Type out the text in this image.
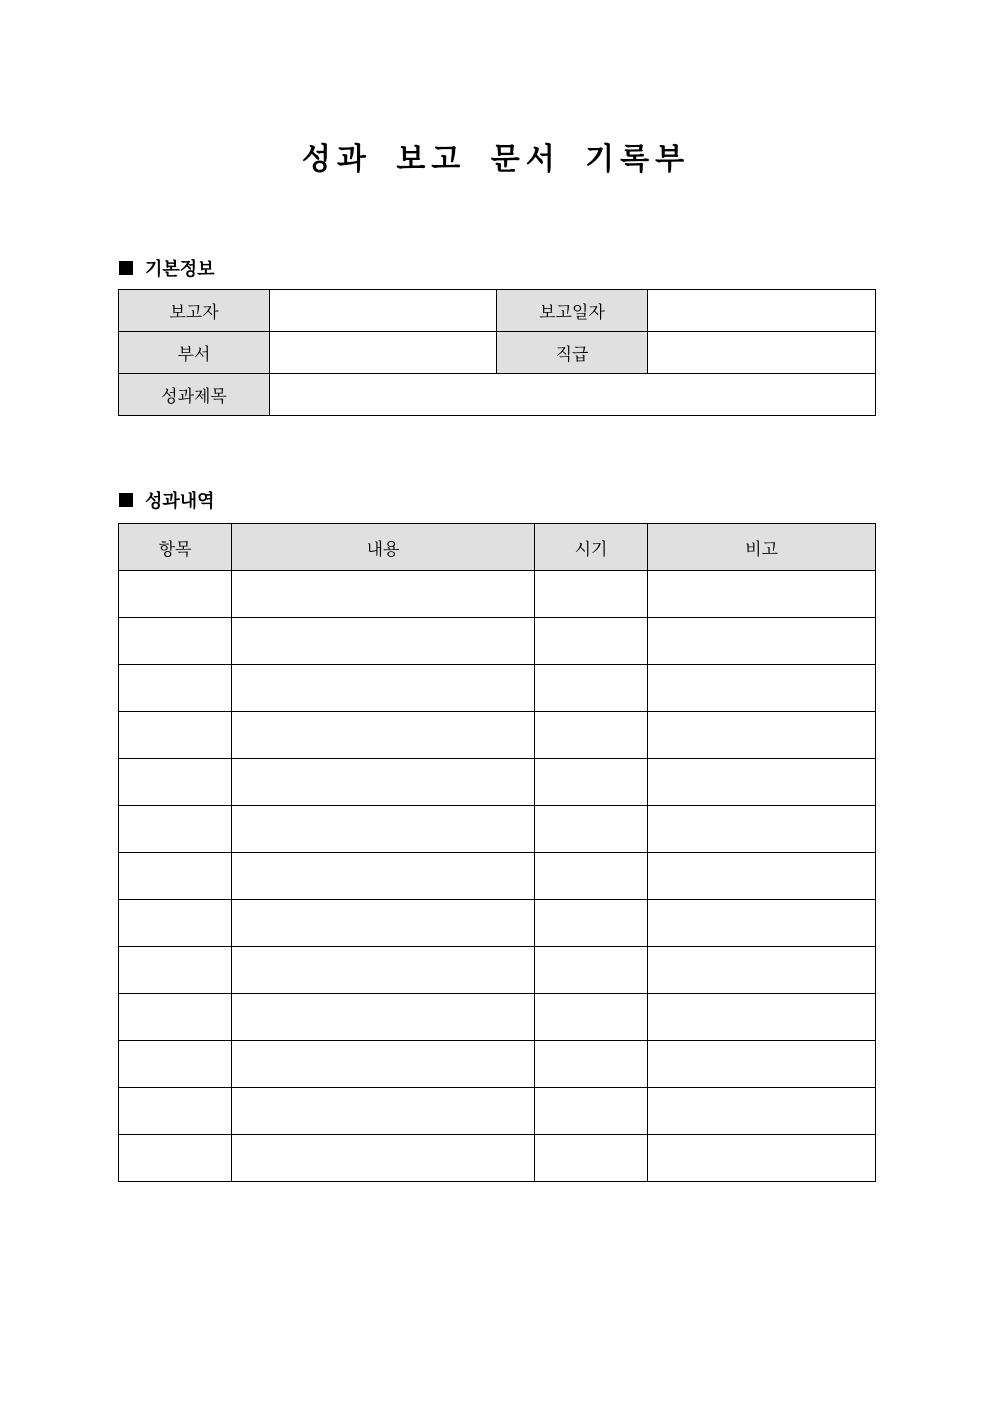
성과 보고 문서 기록부
기본정보
보고자		보고일자	
부서		직급	
성과제목			
성과내역
항목	내용	시기	비고
